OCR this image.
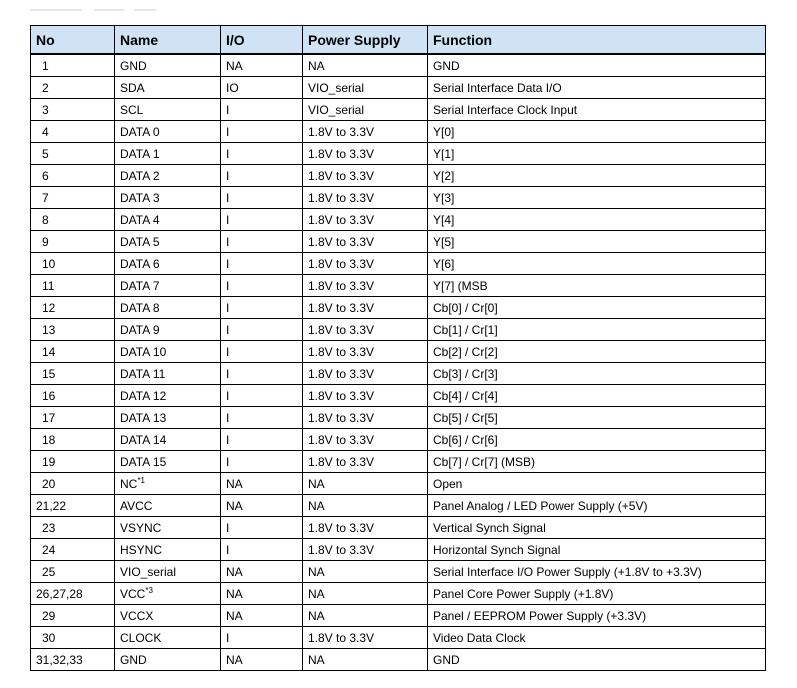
No	Name	I/O	Power Supply	Function
1	GND	NA	NA	GND
2	SDA	IO	VIO_serial	Serial Interface Data I/O
3	SCL	I	VIO_serial	Serial Interface Clock Input
4	DATA 0	I	1.8V to 3.3V	Y[0]
5	DATA 1	I	1.8V to 3.3V	Y[1]
6	DATA 2	I	1.8V to 3.3V	Y[2]
7	DATA 3	I	1.8V to 3.3V	Y[3]
8	DATA 4	I	1.8V to 3.3V	Y[4]
9	DATA 5	I	1.8V to 3.3V	Y[5]
10	DATA 6	I	1.8V to 3.3V	Y[6]
11	DATA 7	I	1.8V to 3.3V	Y[7] (MSB
12	DATA 8	I	1.8V to 3.3V	Cb[0] / Cr[0]
13	DATA 9	I	1.8V to 3.3V	Cb[1] / Cr[1]
14	DATA 10	I	1.8V to 3.3V	Cb[2] / Cr[2]
15	DATA 11	I	1.8V to 3.3V	Cb[3] / Cr[3]
16	DATA 12	I	1.8V to 3.3V	Cb[4] / Cr[4]
17	DATA 13	I	1.8V to 3.3V	Cb[5] / Cr[5]
18	DATA 14	I	1.8V to 3.3V	Cb[6] / Cr[6]
19	DATA 15	I	1.8V to 3.3V	Cb[7] / Cr[7] (MSB)
20	NC$^{*1}$	NA	NA	Open
21,22	AVCC	NA	NA	Panel Analog / LED Power Supply (+5V)
23	VSYNC	I	1.8V to 3.3V	Vertical Synch Signal
24	HSYNC	I	1.8V to 3.3V	Horizontal Synch Signal
25	VIO_serial	NA	NA	Serial Interface I/O Power Supply (+1.8V to +3.3V)
26,27,28	VCC$^{*3}$	NA	NA	Panel Core Power Supply (+1.8V)
29	VCCX	NA	NA	Panel / EEPROM Power Supply (+3.3V)
30	CLOCK	I	1.8V to 3.3V	Video Data Clock
31,32,33	GND	NA	NA	GND
